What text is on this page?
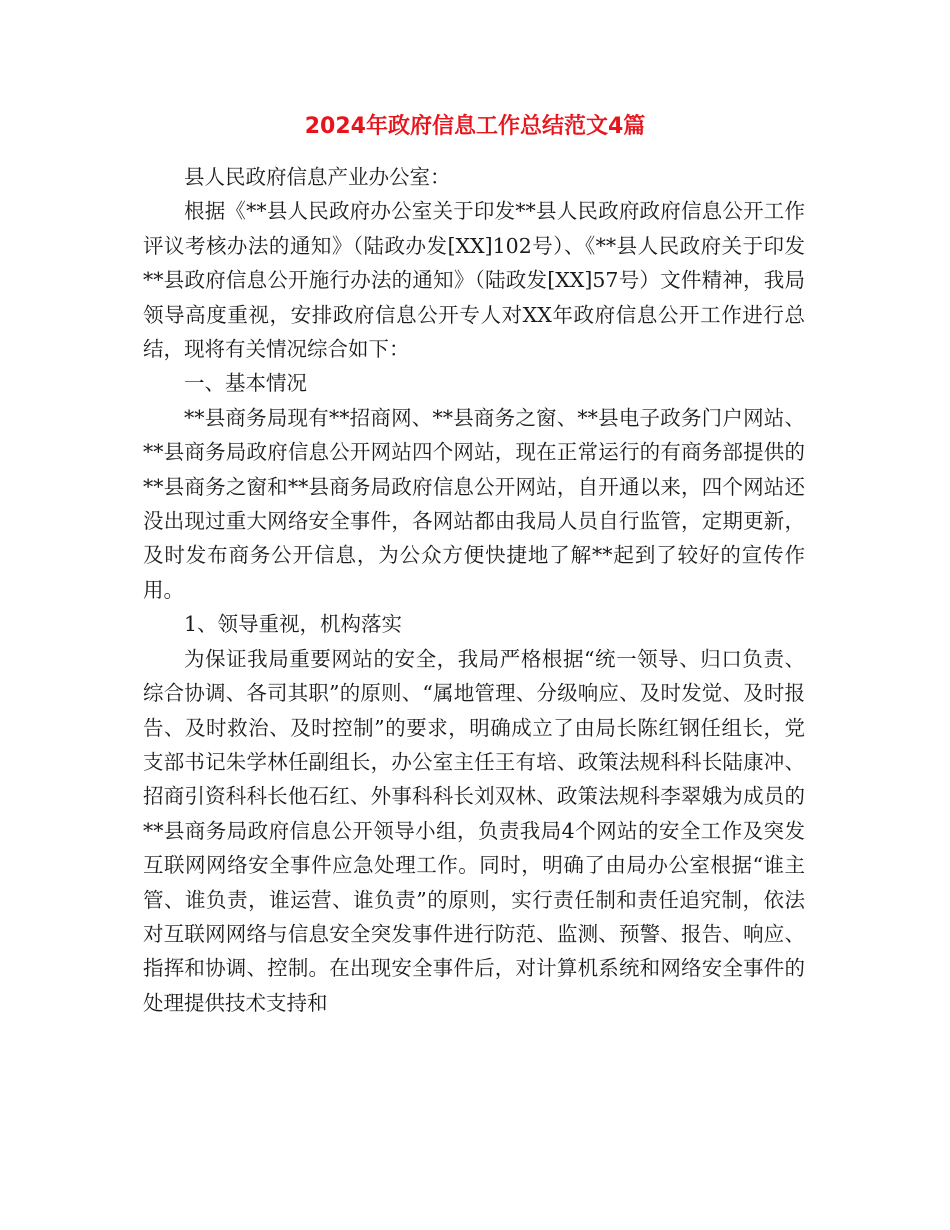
2024年政府信息工作总结范文4篇

县人民政府信息产业办公室：

根据《**县人民政府办公室关于印发**县人民政府政府信息公开工作评议考核办法的通知》（陆政办发[XX]102号）、《**县人民政府关于印发**县政府信息公开施行办法的通知》（陆政发[XX]57号）文件精神，我局领导高度重视，安排政府信息公开专人对XX年政府信息公开工作进行总结，现将有关情况综合如下：

一、基本情况

**县商务局现有**招商网、**县商务之窗、**县电子政务门户网站、**县商务局政府信息公开网站四个网站，现在正常运行的有商务部提供的**县商务之窗和**县商务局政府信息公开网站，自开通以来，四个网站还没出现过重大网络安全事件，各网站都由我局人员自行监管，定期更新，及时发布商务公开信息，为公众方便快捷地了解**起到了较好的宣传作用。

1、领导重视，机构落实

为保证我局重要网站的安全，我局严格根据“统一领导、归口负责、综合协调、各司其职”的原则、“属地管理、分级响应、及时发觉、及时报告、及时救治、及时控制”的要求，明确成立了由局长陈红钢任组长，党支部书记朱学林任副组长，办公室主任王有培、政策法规科科长陆康冲、招商引资科科长他石红、外事科科长刘双林、政策法规科李翠娥为成员的**县商务局政府信息公开领导小组，负责我局4个网站的安全工作及突发互联网网络安全事件应急处理工作。同时，明确了由局办公室根据“谁主管、谁负责，谁运营、谁负责”的原则，实行责任制和责任追究制，依法对互联网网络与信息安全突发事件进行防范、监测、预警、报告、响应、指挥和协调、控制。在出现安全事件后，对计算机系统和网络安全事件的处理提供技术支持和
